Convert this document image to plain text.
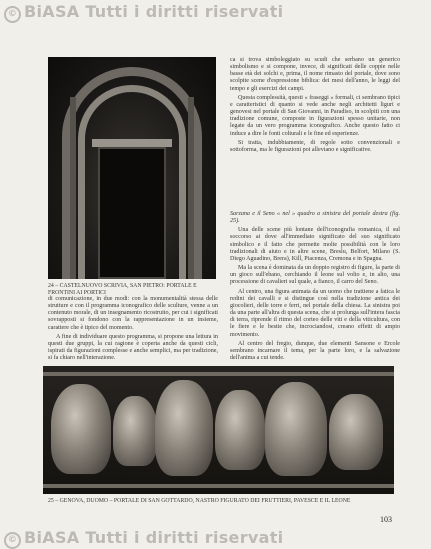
© BiASA Tutti i diritti riservati
24 – CASTELNUOVO SCRIVIA, SAN PIETRO: PORTALE E FRONTINI AI PORTICI

ca si trova simboleggiato su scudi che serbano un generico simbolismo e si compone, invece, di significati delle coppie nelle basse età dei solchi e, prima, il nome rimasto del portale, dove sono scolpite scene d'espressione biblica: dei mesi dell'anno, le leggi del tempo e gli esercizi dei campi.

Questa complessità, questi « fraseggi » formali, ci sembrano tipici e caratteristici di quanto si vede anche negli architetti liguri e genovesi nel portale di San Giovanni, in Paradiso, in scolpiti con una tradizione comune, composte in figurazioni spesso unitarie, non legate da un vero programma iconografico. Anche questo fatto ci induce a dire le fonti colturali e le fine ed esperienze.

Si tratta, indubbiamente, di regole sotto convenzionali e sottoforma, ma le figurazioni poi alleviano e significative.

Sarzana e il Seno « nel » quadro a sinistra del portale destra (fig. 25).

Una delle scene più lontane dell'iconografia romanica, il sul soccorso ai dove all'immediato significato del suo significato simbolico e il fatto che permette molte possibilità con le loro tradizionali di aiuto e in altre scene, Breslu, Belfort, Milano (S. Diego Aguadino, Brera), Kill, Piacenza, Cremona e in Spagna.

Ma la scena è dominata da un doppio registro di figure, la parte di un gioco sull'ebano, cerchiando il leone sul volto e, in alto, una processione di cavalieri sul quale, a fianco, il carro del Seno.

Al centro, una figura animata da un uomo che trattiene a fatica le redini dei cavalli e si distingue così nella tradizione antica dei giocolieri, delle torre e ferri, nel portale della chiesa. La sinistra poi da una parte all'altra di questa scena, che si prolunga sull'intera fascia di terra, riprende il ritmo del corteo delle viti e della viticultura, con le fiere e le bestie che, incrociandosi, creano effetti di ampio movimento.

Al centro del fregio, dunque, due elementi Sansone e Ercole sembrano incarnare il tema, per la parte loro, e la salvazione dell'anima a cui tende.

di comunicazione, in due modi: con la monumentalità stessa delle strutture e con il programma iconografico delle sculture, venne a un contenuto morale, di un insegnamento ricostruito, per cui i significati sovrapposti si fondono con la rappresentazione in un insieme, carattere che è tipico del momento.

A fine di individuare questo programma, si propone una lettura in questi due gruppi, la cui ragione è coperta anche da questi cicli, ispirati da figurazioni complesse e anche semplici, ma per tradizione, si fa chiaro nell'interazione.

25 – GENOVA, DUOMO – PORTALE DI SAN GOTTARDO, NASTRO FIGURATO DEI FRUTTIERI, PAVESCE E IL LEONE
103
© BiASA Tutti i diritti riservati
